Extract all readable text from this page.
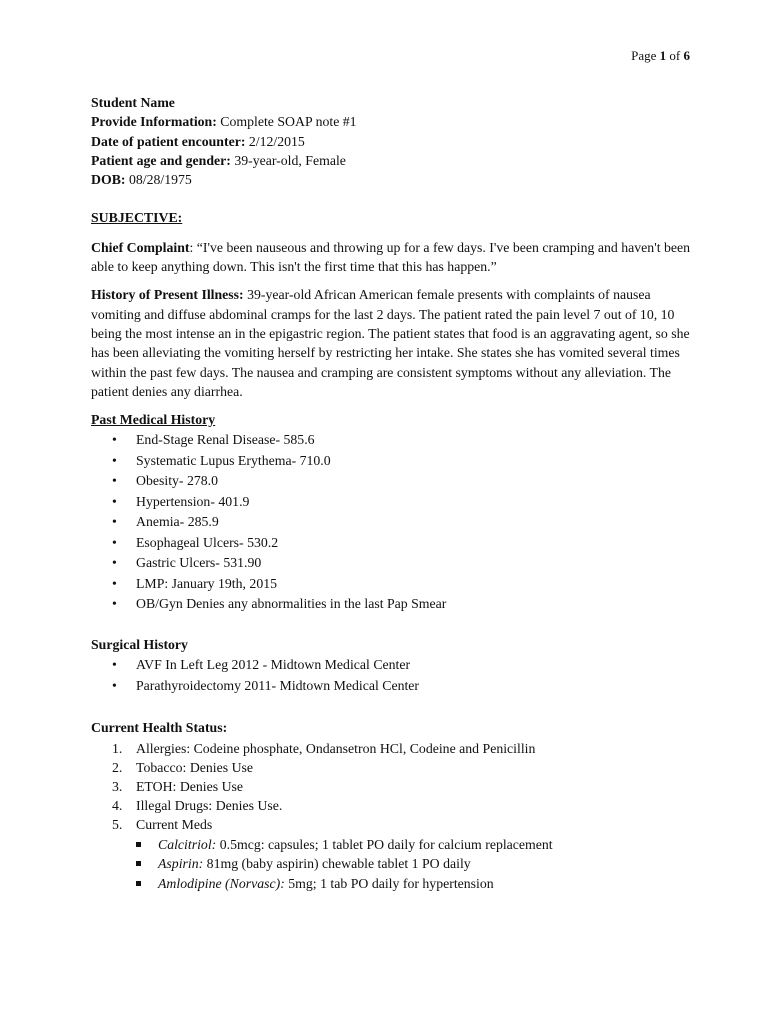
Page 1 of 6
Student Name
Provide Information: Complete SOAP note #1
Date of patient encounter: 2/12/2015
Patient age and gender: 39-year-old, Female
DOB: 08/28/1975
SUBJECTIVE:
Chief Complaint: “I've been nauseous and throwing up for a few days. I've been cramping and haven't been able to keep anything down. This isn't the first time that this has happen.”
History of Present Illness: 39-year-old African American female presents with complaints of nausea vomiting and diffuse abdominal cramps for the last 2 days. The patient rated the pain level 7 out of 10, 10 being the most intense an in the epigastric region. The patient states that food is an aggravating agent, so she has been alleviating the vomiting herself by restricting her intake. She states she has vomited several times within the past few days. The nausea and cramping are consistent symptoms without any alleviation. The patient denies any diarrhea.
Past Medical History
• End-Stage Renal Disease- 585.6
• Systematic Lupus Erythema- 710.0
• Obesity- 278.0
• Hypertension- 401.9
• Anemia- 285.9
• Esophageal Ulcers- 530.2
• Gastric Ulcers- 531.90
• LMP: January 19th, 2015
• OB/Gyn Denies any abnormalities in the last Pap Smear
Surgical History
• AVF In Left Leg 2012 - Midtown Medical Center
• Parathyroidectomy 2011- Midtown Medical Center
Current Health Status:
1. Allergies: Codeine phosphate, Ondansetron HCl, Codeine and Penicillin
2. Tobacco: Denies Use
3. ETOH: Denies Use
4. Illegal Drugs: Denies Use.
5. Current Meds
Calcitriol: 0.5mcg: capsules; 1 tablet PO daily for calcium replacement
Aspirin: 81mg (baby aspirin) chewable tablet 1 PO daily
Amlodipine (Norvasc): 5mg; 1 tab PO daily for hypertension
